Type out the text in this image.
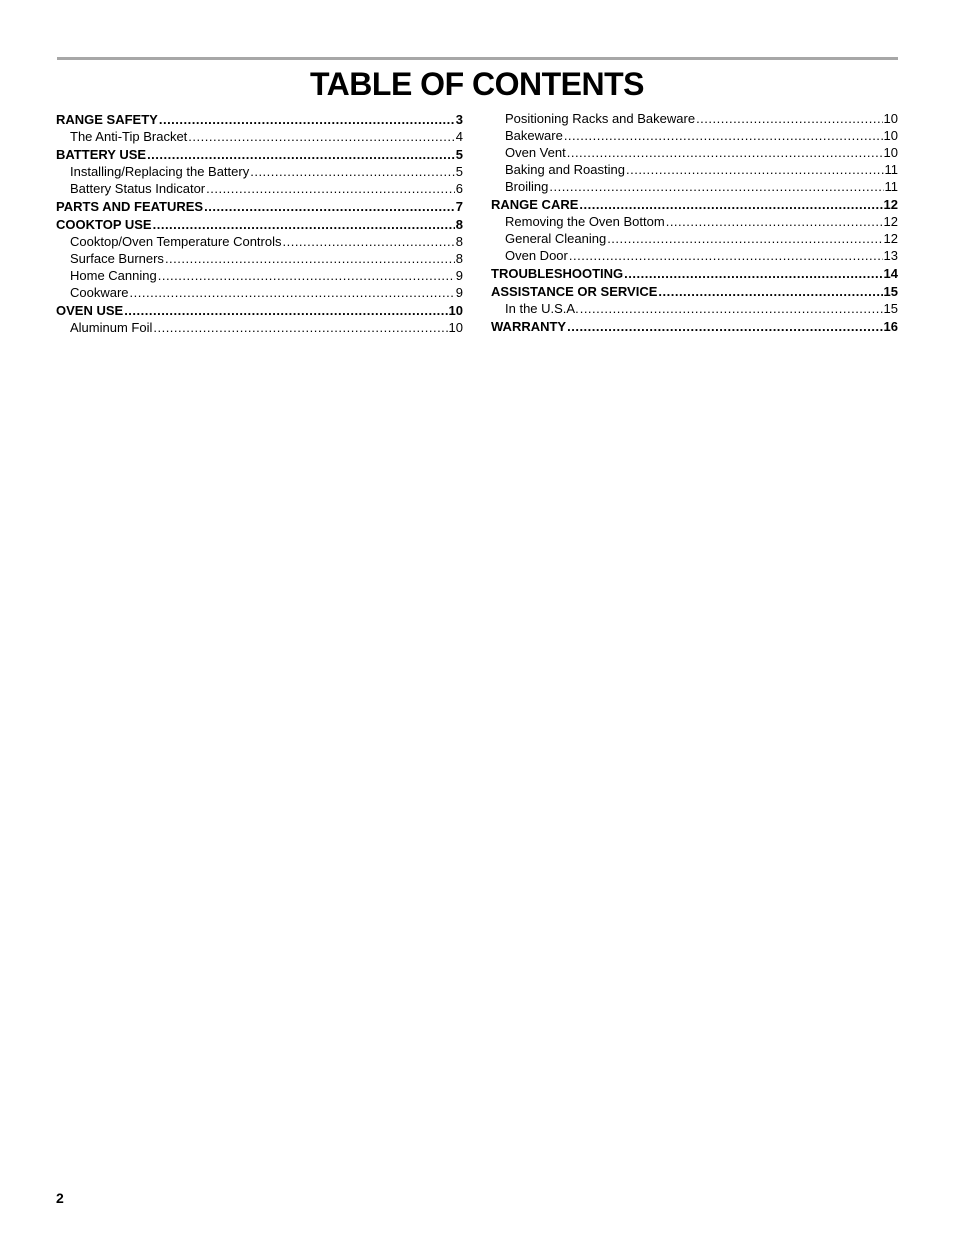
TABLE OF CONTENTS
RANGE SAFETY .....	3
The Anti-Tip Bracket .....	4
BATTERY USE .....	5
Installing/Replacing the Battery .....	5
Battery Status Indicator .....	6
PARTS AND FEATURES .....	7
COOKTOP USE .....	8
Cooktop/Oven Temperature Controls .....	8
Surface Burners .....	8
Home Canning .....	9
Cookware .....	9
OVEN USE .....	10
Aluminum Foil .....	10
Positioning Racks and Bakeware .....	10
Bakeware .....	10
Oven Vent .....	10
Baking and Roasting .....	11
Broiling .....	11
RANGE CARE .....	12
Removing the Oven Bottom .....	12
General Cleaning .....	12
Oven Door .....	13
TROUBLESHOOTING .....	14
ASSISTANCE OR SERVICE .....	15
In the U.S.A. .....	15
WARRANTY .....	16
2
